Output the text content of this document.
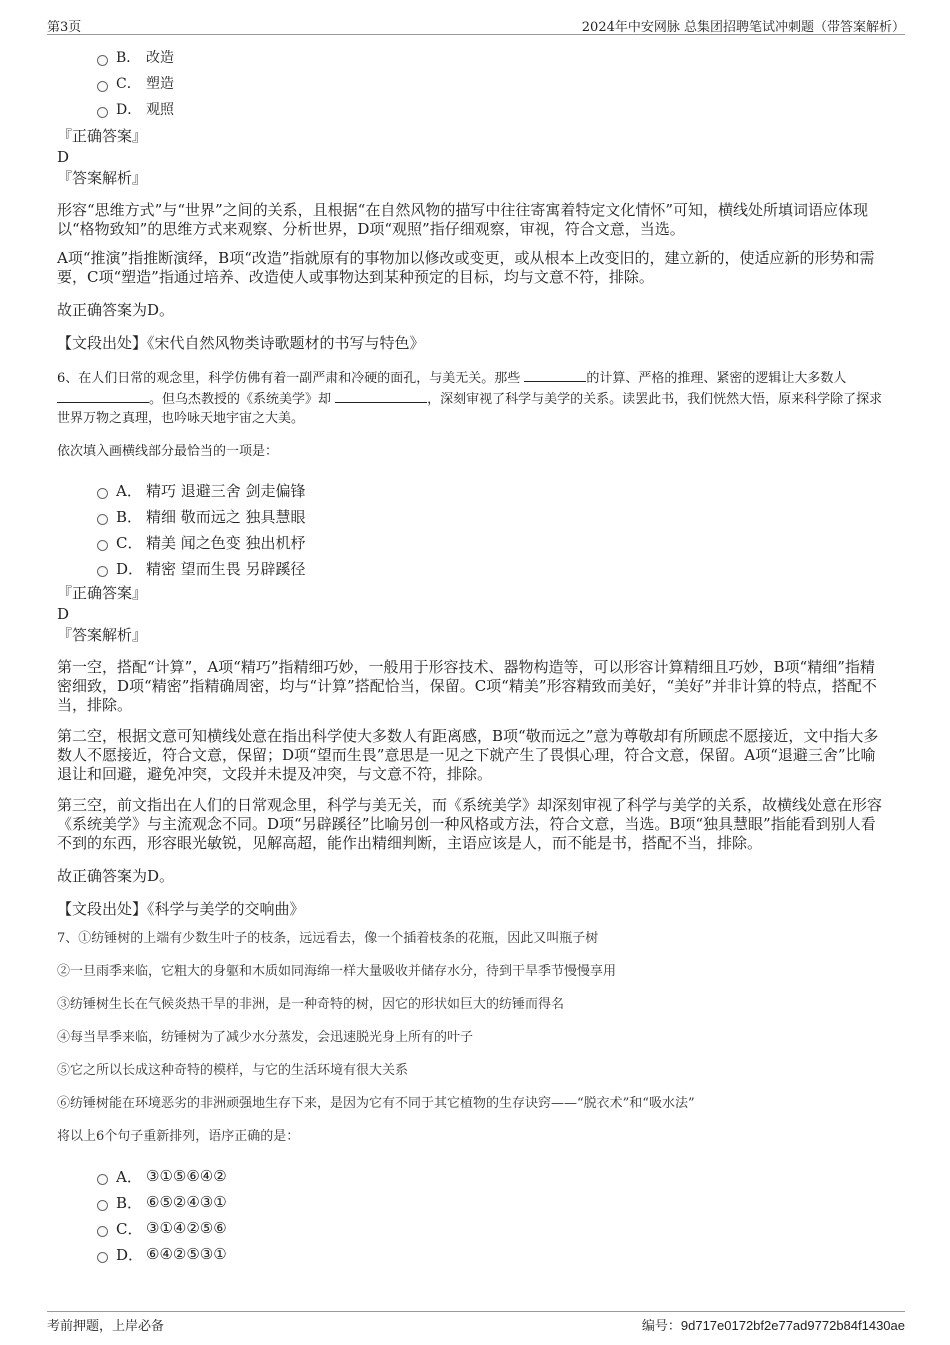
第3页	2024年中安网脉 总集团招聘笔试冲刺题（带答案解析）
B． 改造
C． 塑造
D． 观照
『正确答案』
D
『答案解析』

形容“思维方式”与“世界”之间的关系，且根据“在自然风物的描写中往往寄寓着特定文化情怀”可知，横线处所填词语应体现以“格物致知”的思维方式来观察、分析世界，D项“观照”指仔细观察，审视，符合文意，当选。

A项“推演”指推断演绎，B项“改造”指就原有的事物加以修改或变更，或从根本上改变旧的，建立新的，使适应新的形势和需要，C项“塑造”指通过培养、改造使人或事物达到某种预定的目标，均与文意不符，排除。

故正确答案为D。

【文段出处】《宋代自然风物类诗歌题材的书写与特色》

6、在人们日常的观念里，科学仿佛有着一副严肃和冷硬的面孔，与美无关。那些	的计算、严格的推理、紧密的逻辑让大多数人
。但乌杰教授的《系统美学》却	，深刻审视了科学与美学的关系。读罢此书，我们恍然大悟，原来科学除了探求世界万物之真理，也吟咏天地宇宙之大美。

依次填入画横线部分最恰当的一项是：

A． 精巧 退避三舍 剑走偏锋
B． 精细 敬而远之 独具慧眼
C． 精美 闻之色变 独出机杼
D． 精密 望而生畏 另辟蹊径
『正确答案』
D
『答案解析』

第一空，搭配“计算”，A项“精巧”指精细巧妙，一般用于形容技术、器物构造等，可以形容计算精细且巧妙，B项“精细”指精密细致，D项“精密”指精确周密，均与“计算”搭配恰当，保留。C项“精美”形容精致而美好，“美好”并非计算的特点，搭配不当，排除。

第二空，根据文意可知横线处意在指出科学使大多数人有距离感，B项“敬而远之”意为尊敬却有所顾虑不愿接近，文中指大多数人不愿接近，符合文意，保留；D项“望而生畏”意思是一见之下就产生了畏惧心理，符合文意，保留。A项“退避三舍”比喻退让和回避，避免冲突，文段并未提及冲突，与文意不符，排除。

第三空，前文指出在人们的日常观念里，科学与美无关，而《系统美学》却深刻审视了科学与美学的关系，故横线处意在形容《系统美学》与主流观念不同。D项“另辟蹊径”比喻另创一种风格或方法，符合文意，当选。B项“独具慧眼”指能看到别人看不到的东西，形容眼光敏锐，见解高超，能作出精细判断，主语应该是人，而不能是书，搭配不当，排除。

故正确答案为D。

【文段出处】《科学与美学的交响曲》

7、①纺锤树的上端有少数生叶子的枝条，远远看去，像一个插着枝条的花瓶，因此又叫瓶子树
②一旦雨季来临，它粗大的身躯和木质如同海绵一样大量吸收并储存水分，待到干旱季节慢慢享用
③纺锤树生长在气候炎热干旱的非洲，是一种奇特的树，因它的形状如巨大的纺锤而得名
④每当旱季来临，纺锤树为了减少水分蒸发，会迅速脱光身上所有的叶子
⑤它之所以长成这种奇特的模样，与它的生活环境有很大关系
⑥纺锤树能在环境恶劣的非洲顽强地生存下来，是因为它有不同于其它植物的生存诀窍——“脱衣术”和“吸水法”
将以上6个句子重新排列，语序正确的是：
A． ③①⑤⑥④②
B． ⑥⑤②④③①
C． ③①④②⑤⑥
D． ⑥④②⑤③①
考前押题，上岸必备	编号：9d717e0172bf2e77ad9772b84f1430ae
